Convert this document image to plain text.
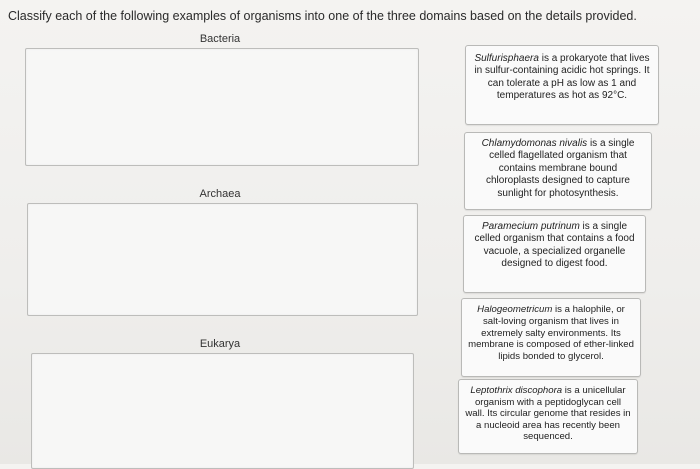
Classify each of the following examples of organisms into one of the three domains based on the details provided.
Bacteria
Archaea
Eukarya
Sulfurisphaera is a prokaryote that lives in sulfur-containing acidic hot springs. It can tolerate a pH as low as 1 and temperatures as hot as 92°C.
Chlamydomonas nivalis is a single celled flagellated organism that contains membrane bound chloroplasts designed to capture sunlight for photosynthesis.
Paramecium putrinum is a single celled organism that contains a food vacuole, a specialized organelle designed to digest food.
Halogeometricum is a halophile, or salt-loving organism that lives in extremely salty environments. Its membrane is composed of ether-linked lipids bonded to glycerol.
Leptothrix discophora is a unicellular organism with a peptidoglycan cell wall. Its circular genome that resides in a nucleoid area has recently been sequenced.
